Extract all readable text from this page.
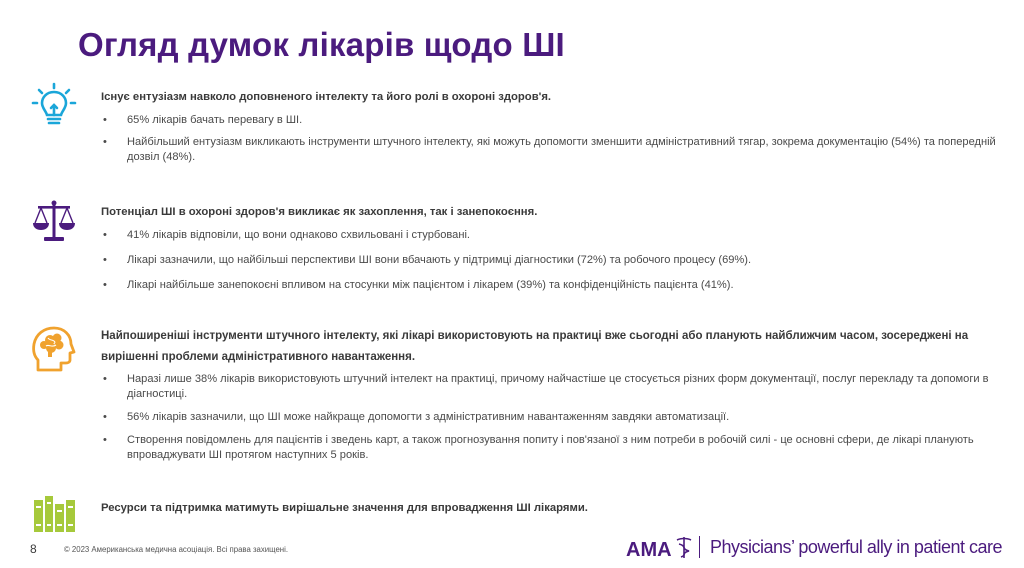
Огляд думок лікарів щодо ШІ
Існує ентузіазм навколо доповненого інтелекту та його ролі в охороні здоров'я.
• 65% лікарів бачать перевагу в ШІ.
• Найбільший ентузіазм викликають інструменти штучного інтелекту, які можуть допомогти зменшити адміністративний тягар, зокрема документацію (54%) та попередній дозвіл (48%).
Потенціал ШІ в охороні здоров'я викликає як захоплення, так і занепокоєння.
• 41% лікарів відповіли, що вони однаково схвильовані і стурбовані.
• Лікарі зазначили, що найбільші перспективи ШІ вони вбачають у підтримці діагностики (72%) та робочого процесу (69%).
• Лікарі найбільше занепокоєні впливом на стосунки між пацієнтом і лікарем (39%) та конфіденційність пацієнта (41%).
Найпоширеніші інструменти штучного інтелекту, які лікарі використовують на практиці вже сьогодні або планують найближчим часом, зосереджені на вирішенні проблеми адміністративного навантаження.
• Наразі лише 38% лікарів використовують штучний інтелект на практиці, причому найчастіше це стосується різних форм документації, послуг перекладу та допомоги в діагностиці.
• 56% лікарів зазначили, що ШІ може найкраще допомогти з адміністративним навантаженням завдяки автоматизації.
• Створення повідомлень для пацієнтів і зведень карт, а також прогнозування попиту і пов'язаної з ним потреби в робочій силі - це основні сфери, де лікарі планують впроваджувати ШІ протягом наступних 5 років.
Ресурси та підтримка матимуть вирішальне значення для впровадження ШІ лікарями.
8	© 2023 Американська медична асоціація. Всі права захищені.	AMA	Physicians’ powerful ally in patient care
